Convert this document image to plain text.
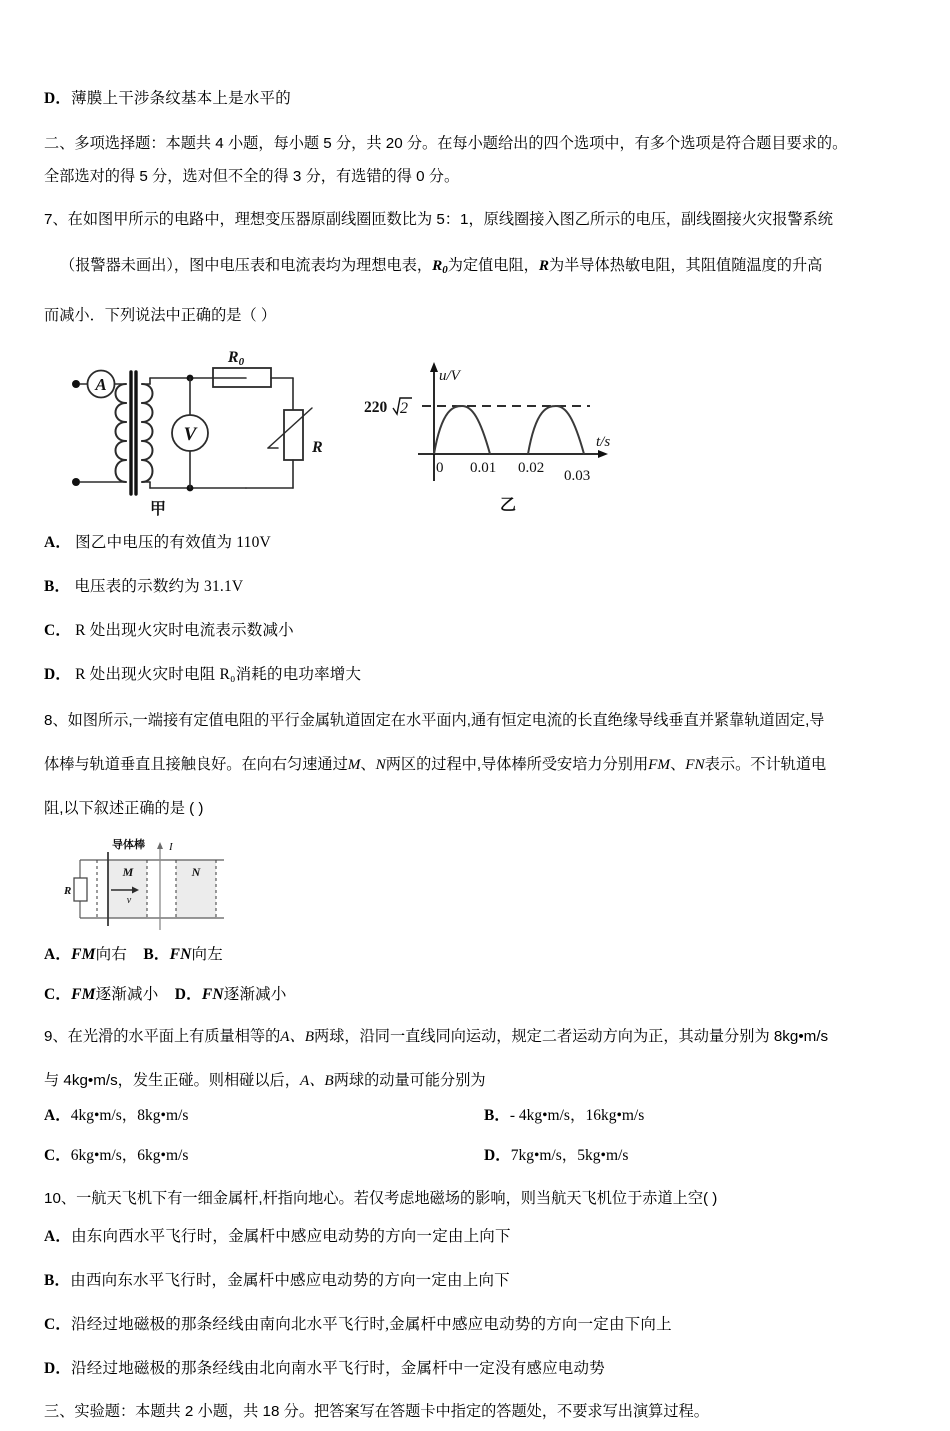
D．薄膜上干涉条纹基本上是水平的

二、多项选择题：本题共 4 小题，每小题 5 分，共 20 分。在每小题给出的四个选项中，有多个选项是符合题目要求的。

全部选对的得 5 分，选对但不全的得 3 分，有选错的得 0 分。

7、在如图甲所示的电路中，理想变压器原副线圈匝数比为 5：1，原线圈接入图乙所示的电压，副线圈接火灾报警系统

（报警器未画出），图中电压表和电流表均为理想电表，$R_0$为定值电阻，R为半导体热敏电阻，其阻值随温度的升高

而减小．下列说法中正确的是（ ）

A
V
R0
R
甲
u/V
t/s
220 2
0 0.01 0.02 0.03
乙

A． 图乙中电压的有效值为 110V

B． 电压表的示数约为 31.1V

C． R 处出现火灾时电流表示数减小

D． R 处出现火灾时电阻 R₀消耗的电功率增大

8、如图所示,一端接有定值电阻的平行金属轨道固定在水平面内,通有恒定电流的长直绝缘导线垂直并紧靠轨道固定,导

体棒与轨道垂直且接触良好。在向右匀速通过M、N两区的过程中,导体棒所受安培力分别用FM、FN表示。不计轨道电

阻,以下叙述正确的是 ( )

R
M	N
v
I
导体棒

A．FM向右 B．FN向左

C．FM逐渐减小 D．FN逐渐减小

9、在光滑的水平面上有质量相等的A、B两球，沿同一直线同向运动，规定二者运动方向为正，其动量分别为 8kg•m/s

与 4kg•m/s，发生正碰。则相碰以后，A、B两球的动量可能分别为

A．4kg•m/s，8kg•m/s	B．- 4kg•m/s，16kg•m/s
C．6kg•m/s，6kg•m/s	D．7kg•m/s，5kg•m/s

10、一航天飞机下有一细金属杆,杆指向地心。若仅考虑地磁场的影响，则当航天飞机位于赤道上空( )

A．由东向西水平飞行时，金属杆中感应电动势的方向一定由上向下

B．由西向东水平飞行时，金属杆中感应电动势的方向一定由上向下

C．沿经过地磁极的那条经线由南向北水平飞行时,金属杆中感应电动势的方向一定由下向上

D．沿经过地磁极的那条经线由北向南水平飞行时，金属杆中一定没有感应电动势

三、实验题：本题共 2 小题，共 18 分。把答案写在答题卡中指定的答题处，不要求写出演算过程。
